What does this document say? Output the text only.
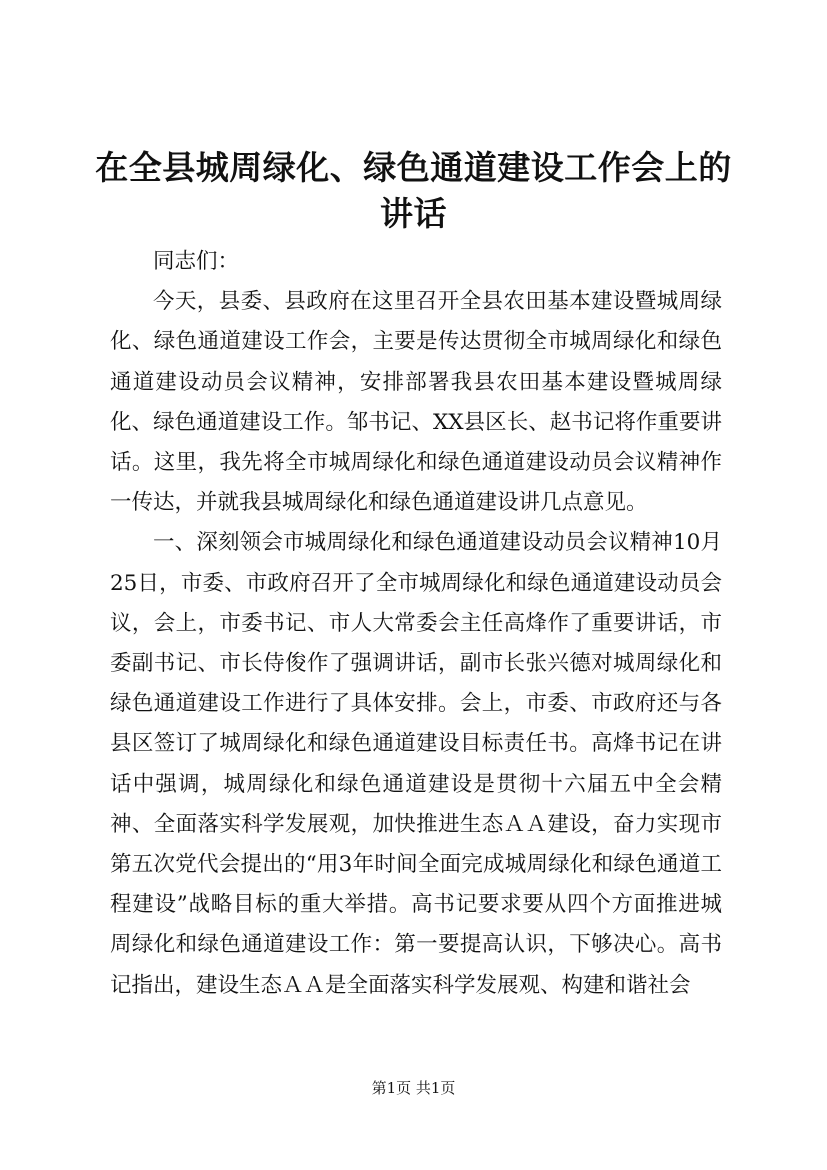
在全县城周绿化、绿色通道建设工作会上的讲话

同志们：

今天，县委、县政府在这里召开全县农田基本建设暨城周绿化、绿色通道建设工作会，主要是传达贯彻全市城周绿化和绿色通道建设动员会议精神，安排部署我县农田基本建设暨城周绿化、绿色通道建设工作。邹书记、XX县区长、赵书记将作重要讲话。这里，我先将全市城周绿化和绿色通道建设动员会议精神作一传达，并就我县城周绿化和绿色通道建设讲几点意见。

一、深刻领会市城周绿化和绿色通道建设动员会议精神10月25日，市委、市政府召开了全市城周绿化和绿色通道建设动员会议，会上，市委书记、市人大常委会主任高烽作了重要讲话，市委副书记、市长侍俊作了强调讲话，副市长张兴德对城周绿化和绿色通道建设工作进行了具体安排。会上，市委、市政府还与各县区签订了城周绿化和绿色通道建设目标责任书。高烽书记在讲话中强调，城周绿化和绿色通道建设是贯彻十六届五中全会精神、全面落实科学发展观，加快推进生态ＡＡ建设，奋力实现市第五次党代会提出的“用3年时间全面完成城周绿化和绿色通道工程建设”战略目标的重大举措。高书记要求要从四个方面推进城周绿化和绿色通道建设工作：第一要提高认识，下够决心。高书记指出，建设生态ＡＡ是全面落实科学发展观、构建和谐社会

第1页 共1页
